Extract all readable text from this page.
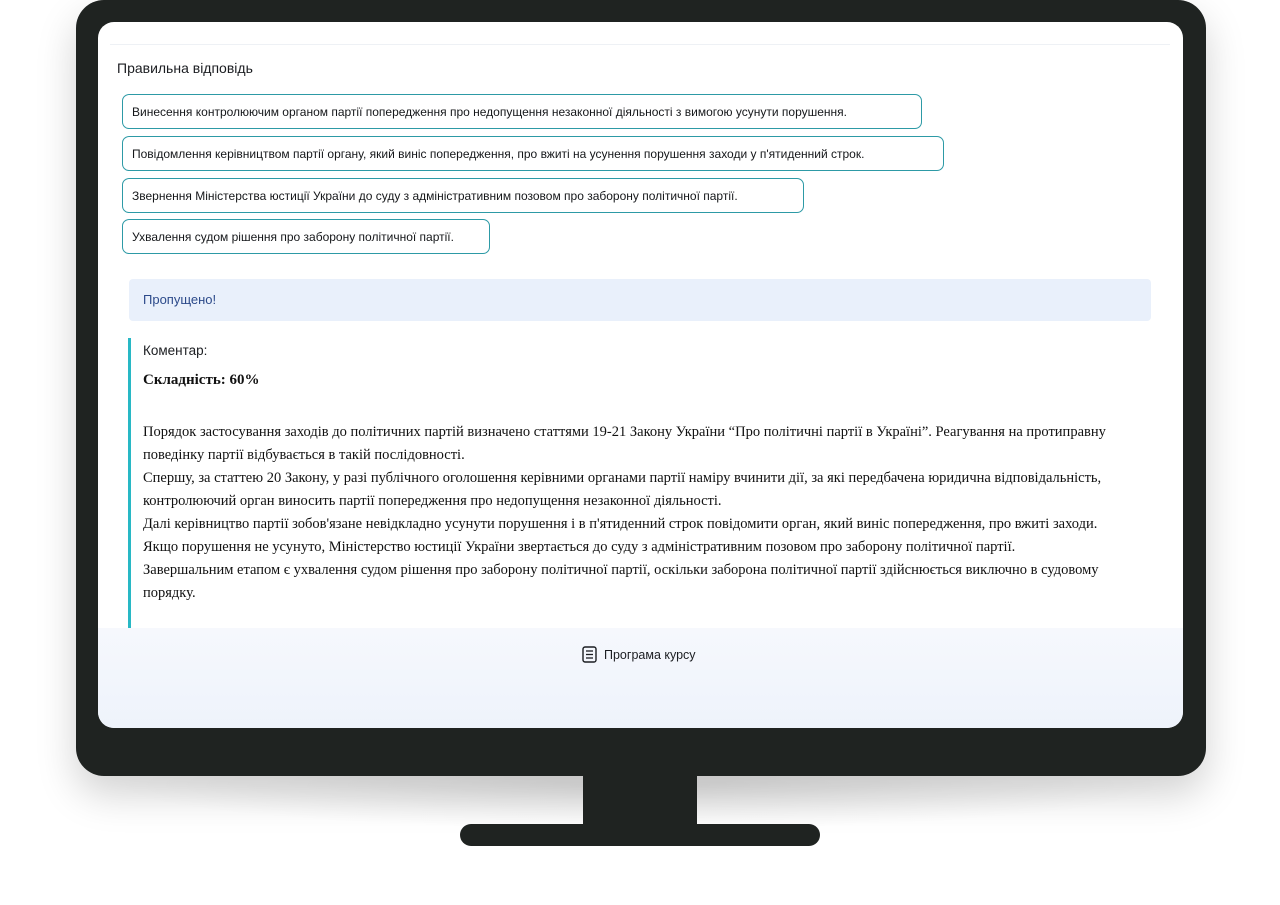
Правильна відповідь
Винесення контролюючим органом партії попередження про недопущення незаконної діяльності з вимогою усунути порушення.
Повідомлення керівництвом партії органу, який виніс попередження, про вжиті на усунення порушення заходи у п'ятиденний строк.
Звернення Міністерства юстиції України до суду з адміністративним позовом про заборону політичної партії.
Ухвалення судом рішення про заборону політичної партії.
Пропущено!
Коментар:
Складність: 60%

Порядок застосування заходів до політичних партій визначено статтями 19-21 Закону України “Про політичні партії в Україні”. Реагування на протиправну поведінку партії відбувається в такій послідовності.

Спершу, за статтею 20 Закону, у разі публічного оголошення керівними органами партії наміру вчинити дії, за які передбачена юридична відповідальність, контролюючий орган виносить партії попередження про недопущення незаконної діяльності.

Далі керівництво партії зобов'язане невідкладно усунути порушення і в п'ятиденний строк повідомити орган, який виніс попередження, про вжиті заходи.

Якщо порушення не усунуто, Міністерство юстиції України звертається до суду з адміністративним позовом про заборону політичної партії.

Завершальним етапом є ухвалення судом рішення про заборону політичної партії, оскільки заборона політичної партії здійснюється виключно в судовому порядку.

Програма курсу
